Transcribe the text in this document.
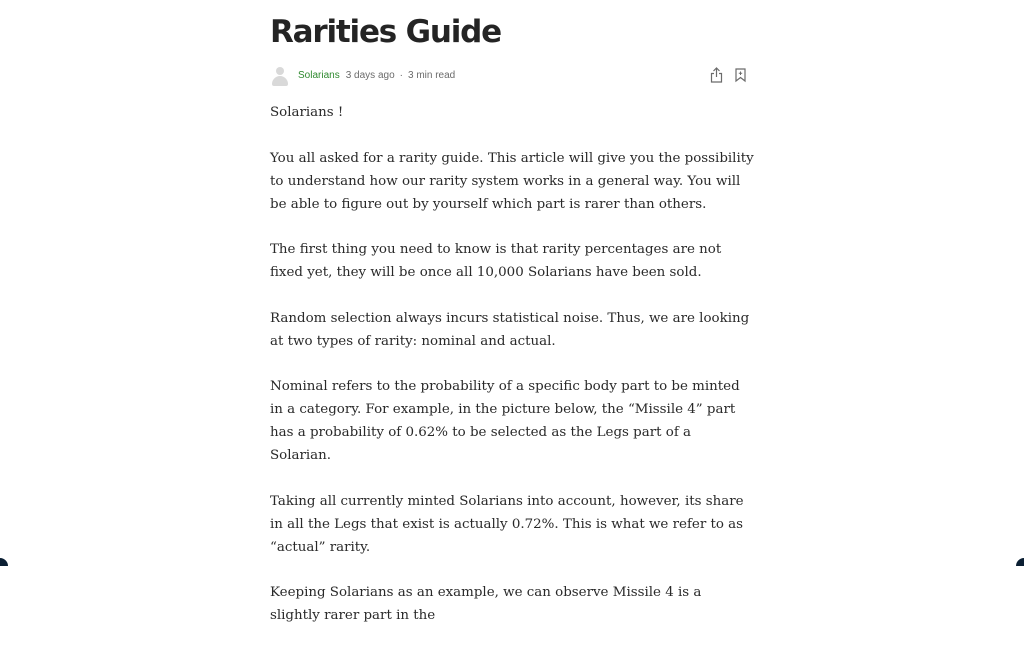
Rarities Guide
Solarians 3 days ago · 3 min read

Solarians !

You all asked for a rarity guide. This article will give you the possibility to understand how our rarity system works in a general way. You will be able to figure out by yourself which part is rarer than others.

The first thing you need to know is that rarity percentages are not fixed yet, they will be once all 10,000 Solarians have been sold.

Random selection always incurs statistical noise. Thus, we are looking at two types of rarity: nominal and actual.

Nominal refers to the probability of a specific body part to be minted in a category. For example, in the picture below, the “Missile 4” part has a probability of 0.62% to be selected as the Legs part of a Solarian.

Taking all currently minted Solarians into account, however, its share in all the Legs that exist is actually 0.72%. This is what we refer to as “actual” rarity.

Keeping Solarians as an example, we can observe Missile 4 is a slightly rarer part in the
